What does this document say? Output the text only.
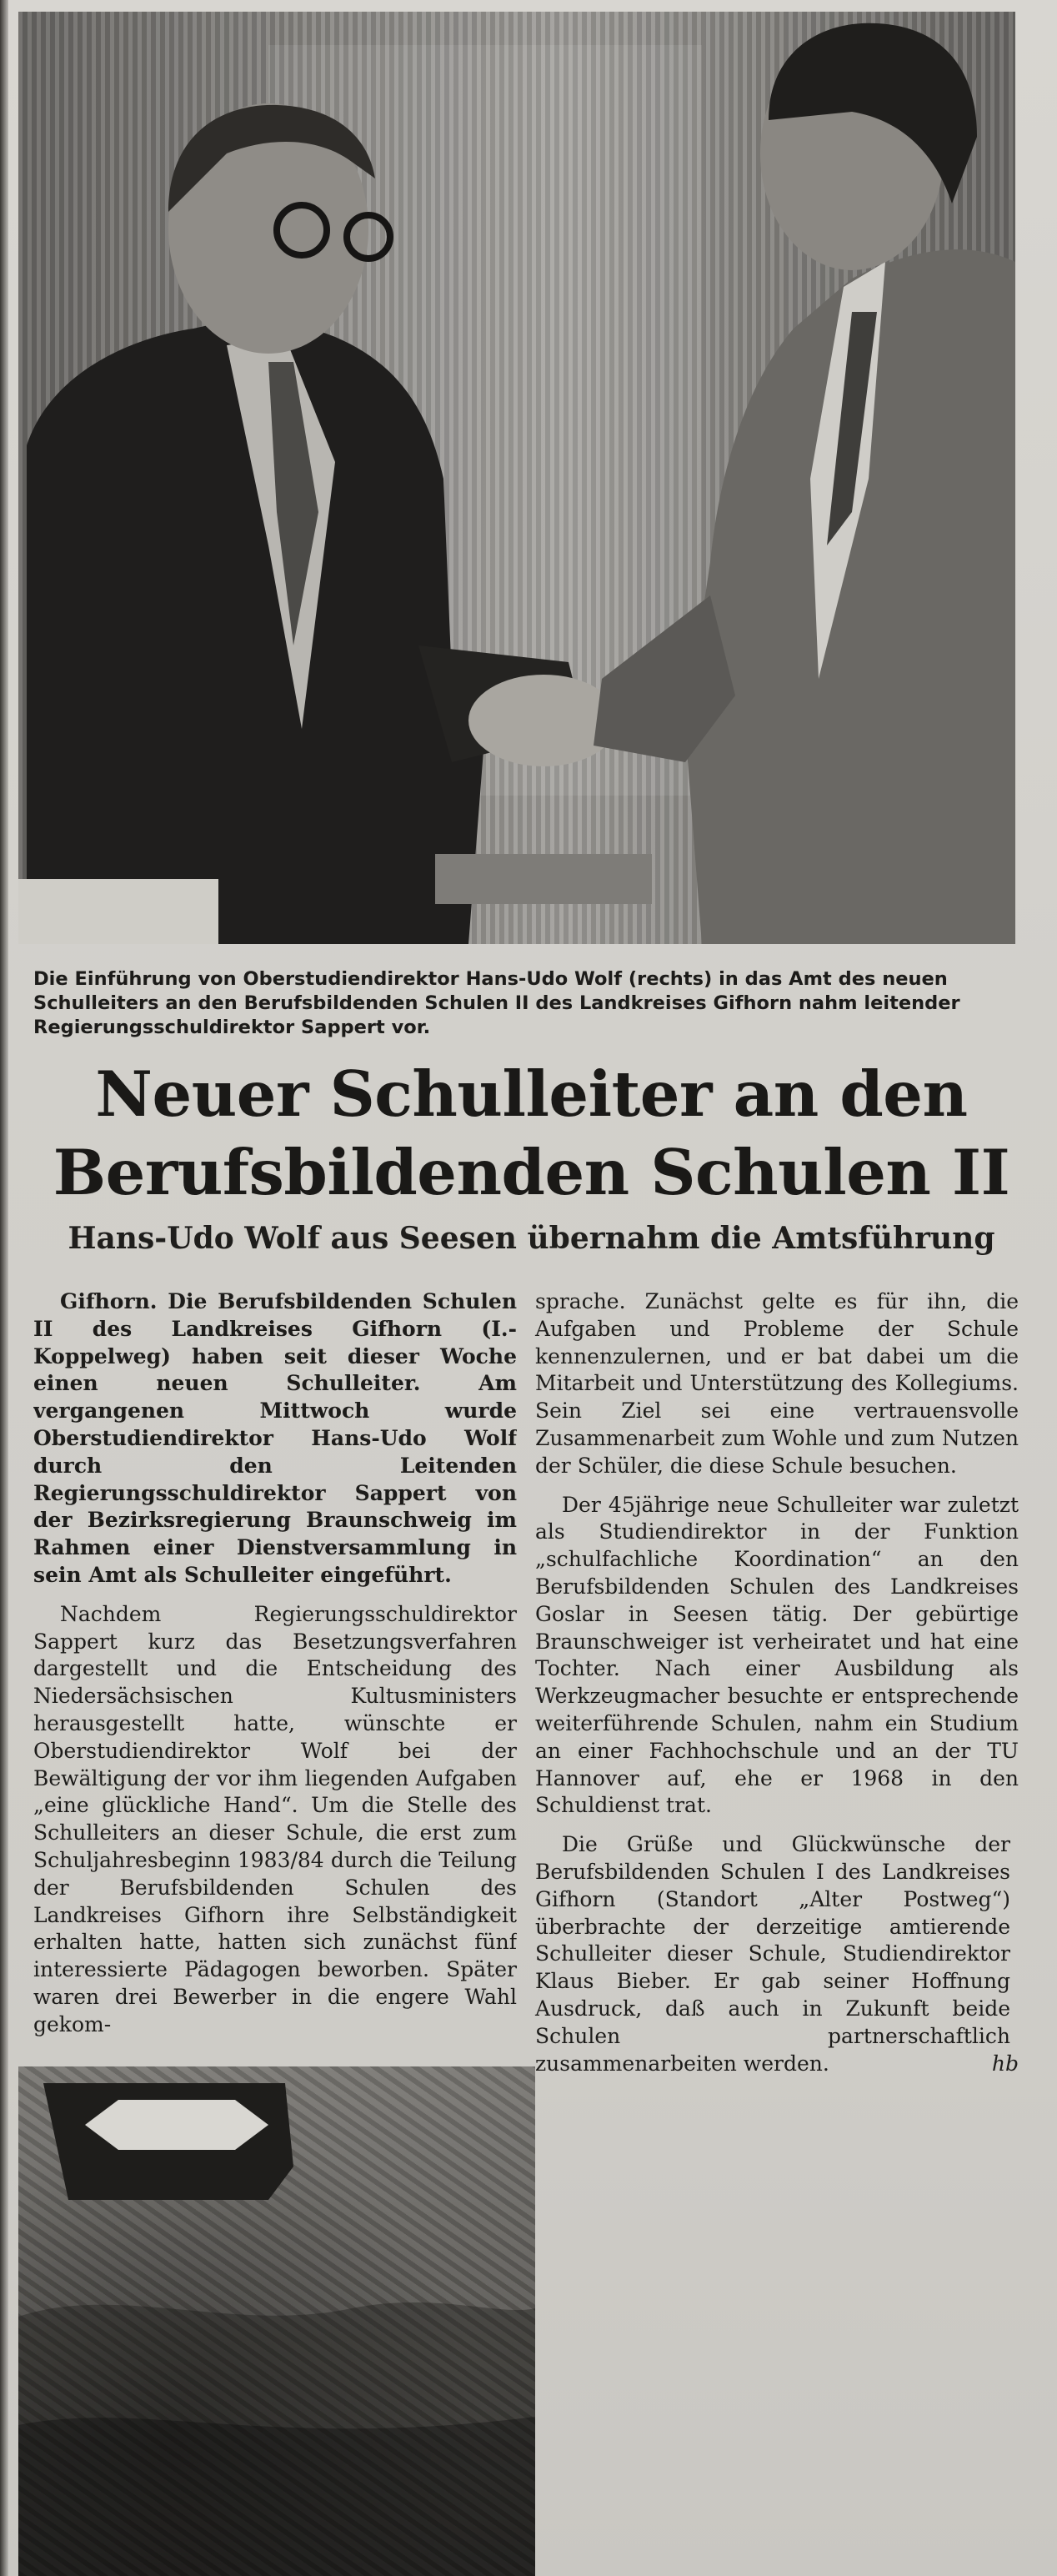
Die Einführung von Oberstudiendirektor Hans-Udo Wolf (rechts) in das Amt des neuen Schulleiters an den Berufsbildenden Schulen II des Landkreises Gifhorn nahm leitender Regierungsschuldirektor Sappert vor.

Neuer Schulleiter an den
Berufsbildenden Schulen II
Hans-Udo Wolf aus Seesen übernahm die Amtsführung

Gifhorn. Die Berufsbildenden Schulen II des Landkreises Gifhorn (I.-Koppelweg) haben seit dieser Woche einen neuen Schulleiter. Am vergangenen Mittwoch wurde Oberstudiendirektor Hans-Udo Wolf durch den Leitenden Regierungsschuldirektor Sappert von der Bezirksregierung Braunschweig im Rahmen einer Dienstversammlung in sein Amt als Schulleiter eingeführt.

Nachdem Regierungsschuldirektor Sappert kurz das Besetzungsverfahren dargestellt und die Entscheidung des Niedersächsischen Kultusministers herausgestellt hatte, wünschte er Oberstudiendirektor Wolf bei der Bewältigung der vor ihm liegenden Aufgaben „eine glückliche Hand“. Um die Stelle des Schulleiters an dieser Schule, die erst zum Schuljahresbeginn 1983/84 durch die Teilung der Berufsbildenden Schulen des Landkreises Gifhorn ihre Selbständigkeit erhalten hatte, hatten sich zunächst fünf interessierte Pädagogen beworben. Später waren drei Bewerber in die engere Wahl gekom-

sprache. Zunächst gelte es für ihn, die Aufgaben und Probleme der Schule kennenzulernen, und er bat dabei um die Mitarbeit und Unterstützung des Kollegiums. Sein Ziel sei eine vertrauensvolle Zusammenarbeit zum Wohle und zum Nutzen der Schüler, die diese Schule besuchen.

Der 45jährige neue Schulleiter war zuletzt als Studiendirektor in der Funktion „schulfachliche Koordination“ an den Berufsbildenden Schulen des Landkreises Goslar in Seesen tätig. Der gebürtige Braunschweiger ist verheiratet und hat eine Tochter. Nach einer Ausbildung als Werkzeugmacher besuchte er entsprechende weiterführende Schulen, nahm ein Studium an einer Fachhochschule und an der TU Hannover auf, ehe er 1968 in den Schuldienst trat.

Die Grüße und Glückwünsche der Berufsbildenden Schulen I des Landkreises Gifhorn (Standort „Alter Postweg“) überbrachte der derzeitige amtierende Schulleiter dieser Schule, Studiendirektor Klaus Bieber. Er gab seiner Hoffnung Ausdruck, daß auch in Zukunft beide Schulen partnerschaftlich zusammenarbeiten werden.	hb
